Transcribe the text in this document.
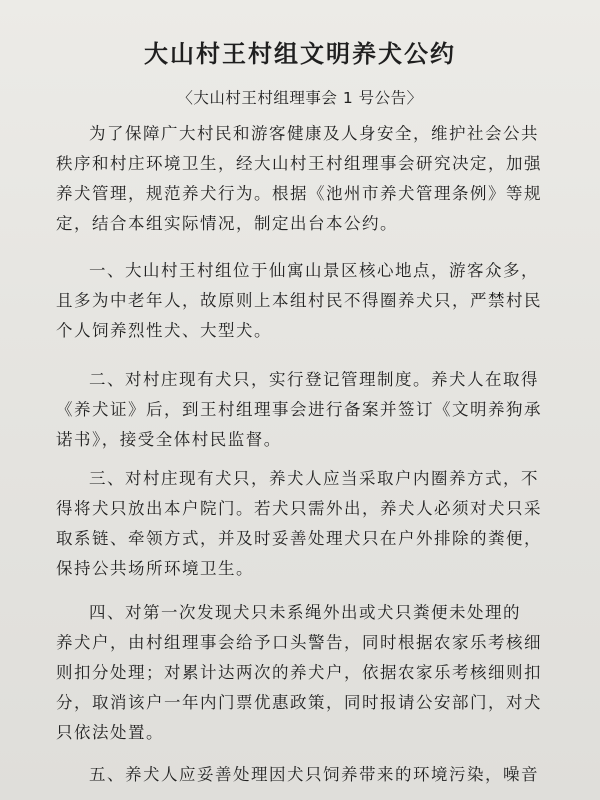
大山村王村组文明养犬公约
〈大山村王村组理事会 1 号公告〉

为了保障广大村民和游客健康及人身安全，维护社会公共
秩序和村庄环境卫生，经大山村王村组理事会研究决定，加强
养犬管理，规范养犬行为。根据《池州市养犬管理条例》等规
定，结合本组实际情况，制定出台本公约。

一、大山村王村组位于仙寓山景区核心地点，游客众多，
且多为中老年人，故原则上本组村民不得圈养犬只，严禁村民
个人饲养烈性犬、大型犬。

二、对村庄现有犬只，实行登记管理制度。养犬人在取得
《养犬证》后，到王村组理事会进行备案并签订《文明养狗承
诺书》，接受全体村民监督。

三、对村庄现有犬只，养犬人应当采取户内圈养方式，不
得将犬只放出本户院门。若犬只需外出，养犬人必须对犬只采
取系链、牵领方式，并及时妥善处理犬只在户外排除的粪便，
保持公共场所环境卫生。

四、对第一次发现犬只未系绳外出或犬只粪便未处理的
养犬户，由村组理事会给予口头警告，同时根据农家乐考核细
则扣分处理；对累计达两次的养犬户，依据农家乐考核细则扣
分，取消该户一年内门票优惠政策，同时报请公安部门，对犬
只依法处置。

五、养犬人应妥善处理因犬只饲养带来的环境污染，噪音
